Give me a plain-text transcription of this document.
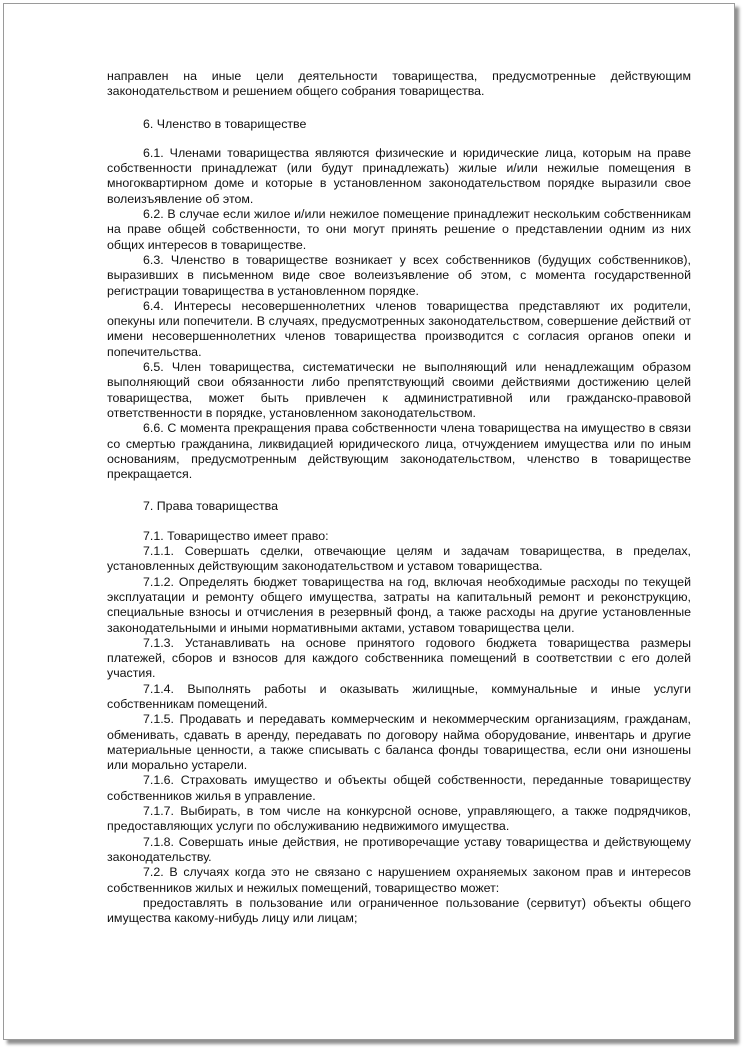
направлен на иные цели деятельности товарищества, предусмотренные действующим законодательством и решением общего собрания товарищества.

6. Членство в товариществе

6.1. Членами товарищества являются физические и юридические лица, которым на праве собственности принадлежат (или будут принадлежать) жилые и/или нежилые помещения в многоквартирном доме и которые в установленном законодательством порядке выразили свое волеизъявление об этом.

6.2. В случае если жилое и/или нежилое помещение принадлежит нескольким собственникам на праве общей собственности, то они могут принять решение о представлении одним из них общих интересов в товариществе.

6.3. Членство в товариществе возникает у всех собственников (будущих собственников), выразивших в письменном виде свое волеизъявление об этом, с момента государственной регистрации товарищества в установленном порядке.

6.4. Интересы несовершеннолетних членов товарищества представляют их родители, опекуны или попечители. В случаях, предусмотренных законодательством, совершение действий от имени несовершеннолетних членов товарищества производится с согласия органов опеки и попечительства.

6.5. Член товарищества, систематически не выполняющий или ненадлежащим образом выполняющий свои обязанности либо препятствующий своими действиями достижению целей товарищества, может быть привлечен к административной или гражданско-правовой ответственности в порядке, установленном законодательством.

6.6. С момента прекращения права собственности члена товарищества на имущество в связи со смертью гражданина, ликвидацией юридического лица, отчуждением имущества или по иным основаниям, предусмотренным действующим законодательством, членство в товариществе прекращается.

7. Права товарищества

7.1. Товарищество имеет право:

7.1.1. Совершать сделки, отвечающие целям и задачам товарищества, в пределах, установленных действующим законодательством и уставом товарищества.

7.1.2. Определять бюджет товарищества на год, включая необходимые расходы по текущей эксплуатации и ремонту общего имущества, затраты на капитальный ремонт и реконструкцию, специальные взносы и отчисления в резервный фонд, а также расходы на другие установленные законодательными и иными нормативными актами, уставом товарищества цели.

7.1.3. Устанавливать на основе принятого годового бюджета товарищества размеры платежей, сборов и взносов для каждого собственника помещений в соответствии с его долей участия.

7.1.4. Выполнять работы и оказывать жилищные, коммунальные и иные услуги собственникам помещений.

7.1.5. Продавать и передавать коммерческим и некоммерческим организациям, гражданам, обменивать, сдавать в аренду, передавать по договору найма оборудование, инвентарь и другие материальные ценности, а также списывать с баланса фонды товарищества, если они изношены или морально устарели.

7.1.6. Страховать имущество и объекты общей собственности, переданные товариществу собственников жилья в управление.

7.1.7. Выбирать, в том числе на конкурсной основе, управляющего, а также подрядчиков, предоставляющих услуги по обслуживанию недвижимого имущества.

7.1.8. Совершать иные действия, не противоречащие уставу товарищества и действующему законодательству.

7.2. В случаях когда это не связано с нарушением охраняемых законом прав и интересов собственников жилых и нежилых помещений, товарищество может:

предоставлять в пользование или ограниченное пользование (сервитут) объекты общего имущества какому-нибудь лицу или лицам;
